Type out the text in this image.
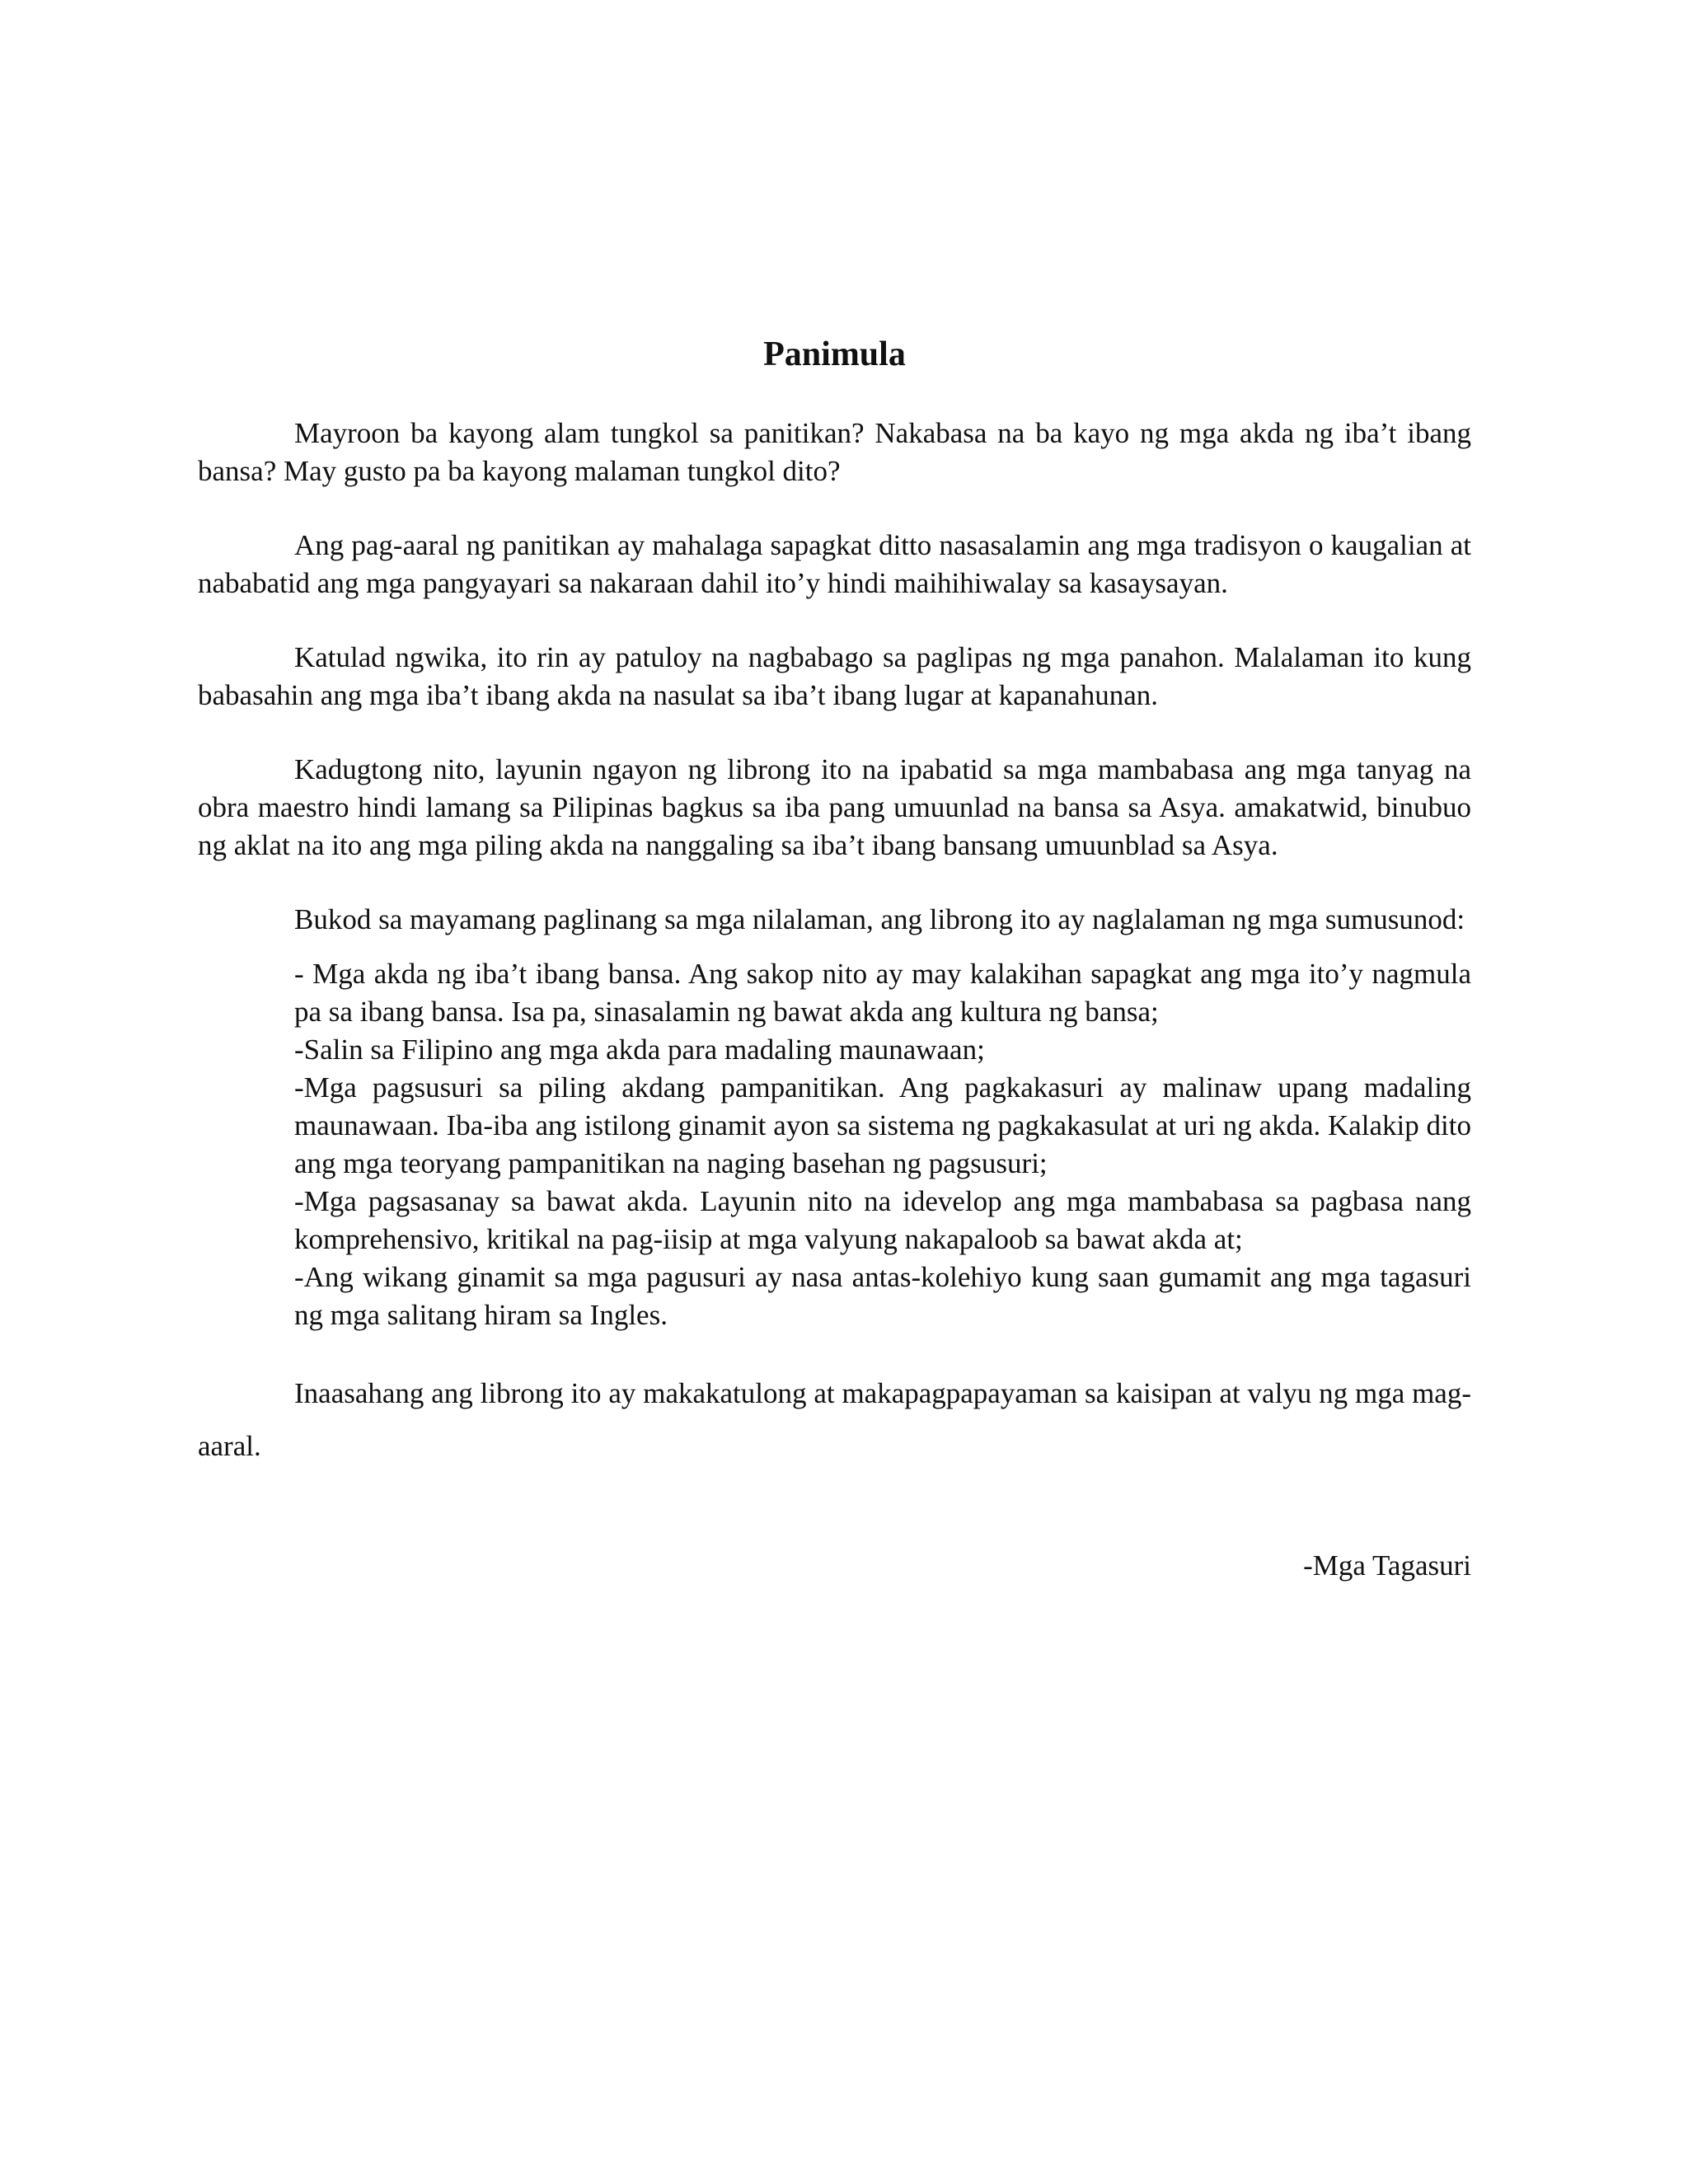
Panimula

Mayroon ba kayong alam tungkol sa panitikan? Nakabasa na ba kayo ng mga akda ng iba’t ibang bansa? May gusto pa ba kayong malaman tungkol dito?

Ang pag-aaral ng panitikan ay mahalaga sapagkat ditto nasasalamin ang mga tradisyon o kaugalian at nababatid ang mga pangyayari sa nakaraan dahil ito’y hindi maihihiwalay sa kasaysayan.

Katulad ngwika, ito rin ay patuloy na nagbabago sa paglipas ng mga panahon. Malalaman ito kung babasahin ang mga iba’t ibang akda na nasulat sa iba’t ibang lugar at kapanahunan.

Kadugtong nito, layunin ngayon ng librong ito na ipabatid sa mga mambabasa ang mga tanyag na obra maestro hindi lamang sa Pilipinas bagkus sa iba pang umuunlad na bansa sa Asya. amakatwid, binubuo ng aklat na ito ang mga piling akda na nanggaling sa iba’t ibang bansang umuunblad sa Asya.

Bukod sa mayamang paglinang sa mga nilalaman, ang librong ito ay naglalaman ng mga sumusunod:

- Mga akda ng iba’t ibang bansa. Ang sakop nito ay may kalakihan sapagkat ang mga ito’y nagmula pa sa ibang bansa. Isa pa, sinasalamin ng bawat akda ang kultura ng bansa;
-Salin sa Filipino ang mga akda para madaling maunawaan;
-Mga pagsusuri sa piling akdang pampanitikan. Ang pagkakasuri ay malinaw upang madaling maunawaan. Iba-iba ang istilong ginamit ayon sa sistema ng pagkakasulat at uri ng akda. Kalakip dito ang mga teoryang pampanitikan na naging basehan ng pagsusuri;
-Mga pagsasanay sa bawat akda. Layunin nito na idevelop ang mga mambabasa sa pagbasa nang komprehensivo, kritikal na pag-iisip at mga valyung nakapaloob sa bawat akda at;
-Ang wikang ginamit sa mga pagusuri ay nasa antas-kolehiyo kung saan gumamit ang mga tagasuri ng mga salitang hiram sa Ingles.

Inaasahang ang librong ito ay makakatulong at makapagpapayaman sa kaisipan at valyu ng mga mag-aaral.

-Mga Tagasuri
